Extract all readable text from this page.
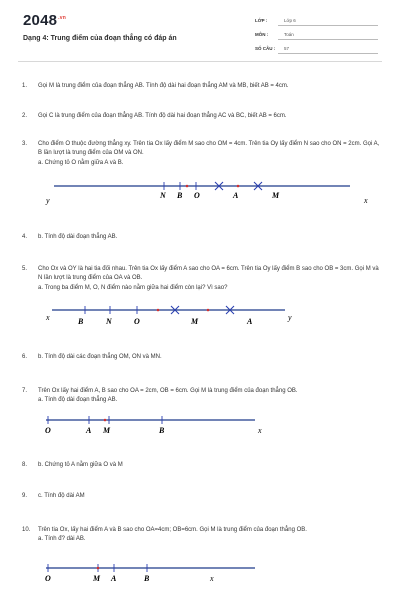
$2048^{.vn}$
Dạng 4: Trung điểm của đoạn thẳng có đáp án
LỚP :	Lớp 6
MÔN :	Toán
SỐ CÂU : 57
1. Gọi M là trung điểm của đoạn thẳng AB. Tính độ dài hai đoạn thẳng AM và MB, biết AB = 4cm.
2. Gọi C là trung điểm của đoạn thẳng AB. Tính độ dài hai đoạn thẳng AC và BC, biết AB = 6cm.
3. Cho điểm O thuộc đường thẳng xy. Trên tia Ox lấy điểm M sao cho OM = 4cm. Trên tia Oy lấy điểm N sao cho ON = 2cm. Gọi A, B lần lượt là trung điểm của OM và ON.
a. Chứng tỏ O nằm giữa A và B.
y
N B O	A	M
x
4. b. Tính độ dài đoạn thẳng AB.
5. Cho Ox và OY là hai tia đối nhau. Trên tia Ox lấy điểm A sao cho OA = 6cm. Trên tia Oy lấy điểm B sao cho OB = 3cm. Gọi M và N lần lượt là trung điểm của OA và OB.
a. Trong ba điểm M, O, N điểm nào nằm giữa hai điểm còn lại? Vì sao?
x	B	N	O	M	A	y
6. b. Tính độ dài các đoạn thẳng OM, ON và MN.
7. Trên Ox lấy hai điểm A, B sao cho OA = 2cm, OB = 6cm. Gọi M là trung điểm của đoạn thẳng OB.
a. Tính độ dài đoạn thẳng AB.
O	A M	B	x
8. b. Chứng tỏ A nằm giữa O và M
9. c. Tính độ dài AM
10. Trên tia Ox, lấy hai điểm A và B sao cho OA=4cm; OB=6cm. Gọi M là trung điểm của đoạn thẳng OB.
a. Tính đ? dài AB.
O	M A	B	x
